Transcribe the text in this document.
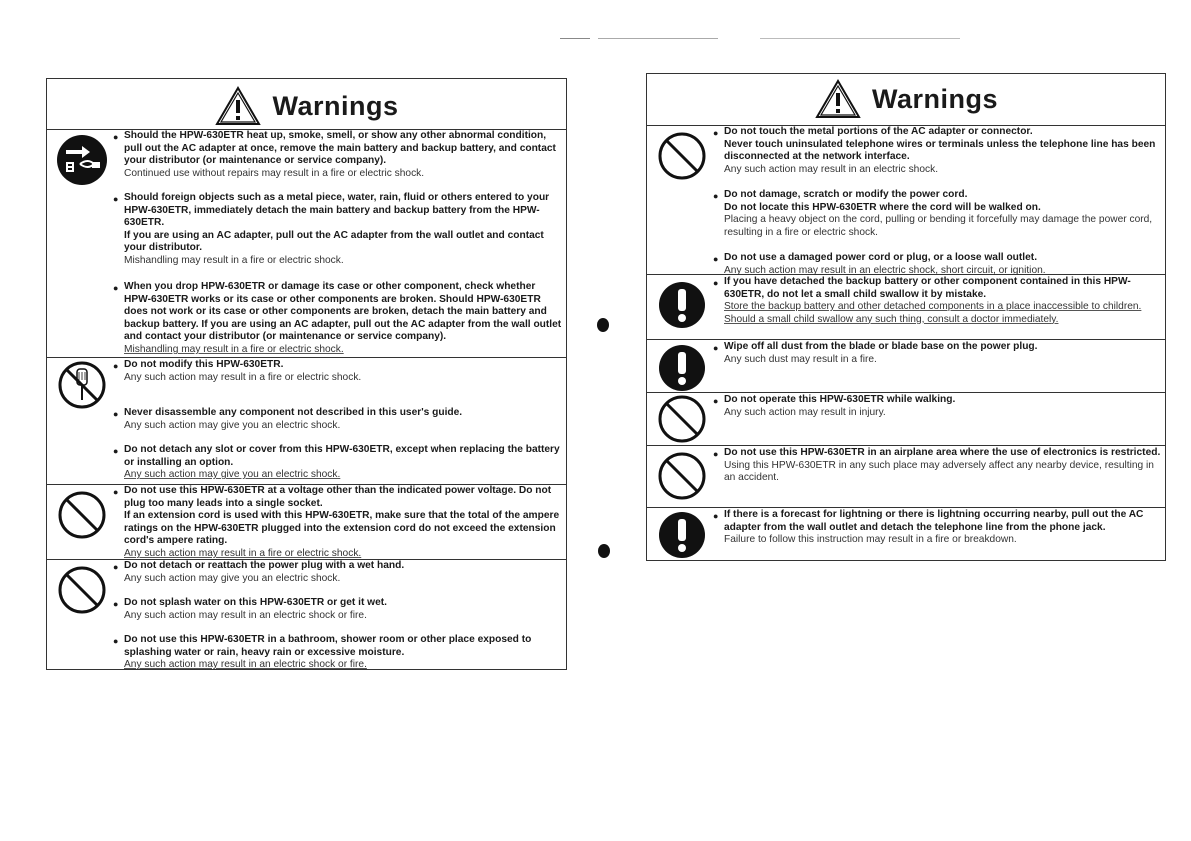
Warnings
● Should the HPW-630ETR heat up, smoke, smell, or show any other abnormal condition, pull out the AC adapter at once, remove the main battery and backup battery, and contact your distributor (or maintenance or service company).
Continued use without repairs may result in a fire or electric shock.
● Should foreign objects such as a metal piece, water, rain, fluid or others entered to your HPW-630ETR, immediately detach the main battery and backup battery from the HPW-630ETR.
If you are using an AC adapter, pull out the AC adapter from the wall outlet and contact your distributor.
Mishandling may result in a fire or electric shock.
● When you drop HPW-630ETR or damage its case or other component, check whether HPW-630ETR works or its case or other components are broken. Should HPW-630ETR does not work or its case or other components are broken, detach the main battery and backup battery. If you are using an AC adapter, pull out the AC adapter from the wall outlet and contact your distributor (or maintenance or service company).
Mishandling may result in a fire or electric shock.
● Do not modify this HPW-630ETR.
Any such action may result in a fire or electric shock.
● Never disassemble any component not described in this user's guide.
Any such action may give you an electric shock.
● Do not detach any slot or cover from this HPW-630ETR, except when replacing the battery or installing an option.
Any such action may give you an electric shock.
● Do not use this HPW-630ETR at a voltage other than the indicated power voltage. Do not plug too many leads into a single socket.
If an extension cord is used with this HPW-630ETR, make sure that the total of the ampere ratings on the HPW-630ETR plugged into the extension cord do not exceed the extension cord's ampere rating.
Any such action may result in a fire or electric shock.
● Do not detach or reattach the power plug with a wet hand.
Any such action may give you an electric shock.
● Do not splash water on this HPW-630ETR or get it wet.
Any such action may result in an electric shock or fire.
● Do not use this HPW-630ETR in a bathroom, shower room or other place exposed to splashing water or rain, heavy rain or excessive moisture.
Any such action may result in an electric shock or fire.
Warnings
● Do not touch the metal portions of the AC adapter or connector.
Never touch uninsulated telephone wires or terminals unless the telephone line has been disconnected at the network interface.
Any such action may result in an electric shock.
● Do not damage, scratch or modify the power cord.
Do not locate this HPW-630ETR where the cord will be walked on.
Placing a heavy object on the cord, pulling or bending it forcefully may damage the power cord, resulting in a fire or electric shock.
● Do not use a damaged power cord or plug, or a loose wall outlet.
Any such action may result in an electric shock, short circuit, or ignition.
● If you have detached the backup battery or other component contained in this HPW-630ETR, do not let a small child swallow it by mistake.
Store the backup battery and other detached components in a place inaccessible to children.
Should a small child swallow any such thing, consult a doctor immediately.
● Wipe off all dust from the blade or blade base on the power plug.
Any such dust may result in a fire.
● Do not operate this HPW-630ETR while walking.
Any such action may result in injury.
● Do not use this HPW-630ETR in an airplane area where the use of electronics is restricted.
Using this HPW-630ETR in any such place may adversely affect any nearby device, resulting in an accident.
● If there is a forecast for lightning or there is lightning occurring nearby, pull out the AC adapter from the wall outlet and detach the telephone line from the phone jack.
Failure to follow this instruction may result in a fire or breakdown.
